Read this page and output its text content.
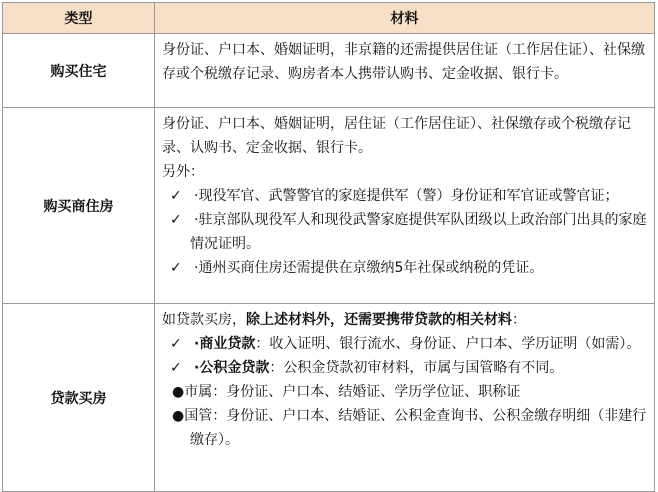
类型	材料
购买住宅	身份证、户口本、婚姻证明，非京籍的还需提供居住证（工作居住证）、社保缴存或个税缴存记录、购房者本人携带认购书、定金收据、银行卡。

购买商住房	身份证、户口本、婚姻证明，居住证（工作居住证）、社保缴存或个税缴存记录、认购书、定金收据、银行卡。
另外：
✓ ·现役军官、武警警官的家庭提供军（警）身份证和军官证或警官证；
✓ ·驻京部队现役军人和现役武警家庭提供军队团级以上政治部门出具的家庭情况证明。
✓ ·通州买商住房还需提供在京缴纳5年社保或纳税的凭证。

贷款买房	如贷款买房，除上述材料外，还需要携带贷款的相关材料：
✓ ·商业贷款：收入证明、银行流水、身份证、户口本、学历证明（如需）。
✓ ·公积金贷款：公积金贷款初审材料，市属与国管略有不同。
●市属：身份证、户口本、结婚证、学历学位证、职称证
●国管：身份证、户口本、结婚证、公积金查询书、公积金缴存明细（非建行缴存）。
